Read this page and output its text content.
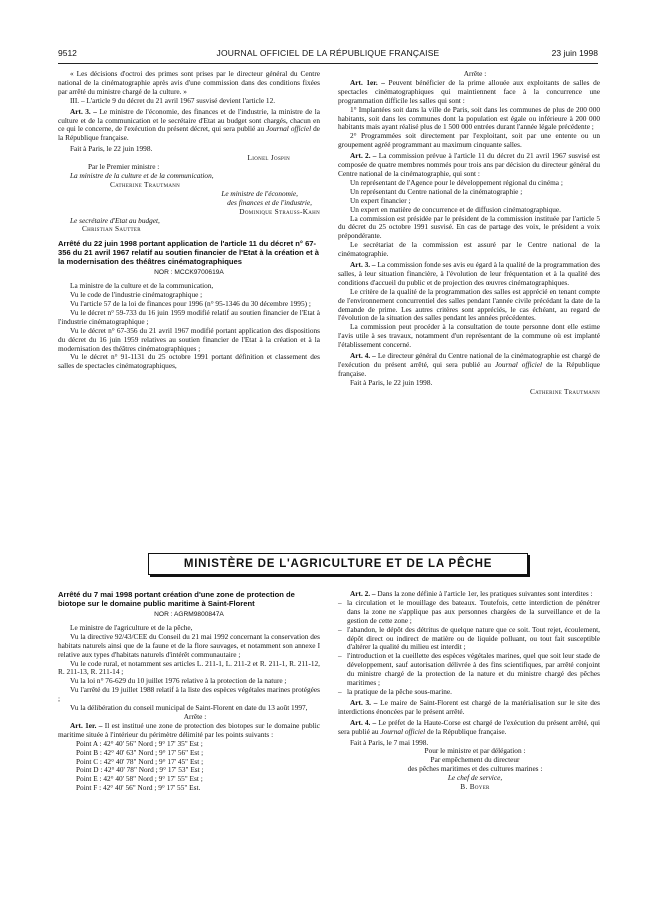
9512	JOURNAL OFFICIEL DE LA RÉPUBLIQUE FRANÇAISE	23 juin 1998

« Les décisions d'octroi des primes sont prises par le directeur général du Centre national de la cinématographie après avis d'une commission dans des conditions fixées par arrêté du ministre chargé de la culture. »

III. – L'article 9 du décret du 21 avril 1967 susvisé devient l'article 12.

Art. 3. – Le ministre de l'économie, des finances et de l'industrie, la ministre de la culture et de la communication et le secrétaire d'Etat au budget sont chargés, chacun en ce qui le concerne, de l'exécution du présent décret, qui sera publié au Journal officiel de la République française.

Fait à Paris, le 22 juin 1998.

Lionel Jospin

Par le Premier ministre :

La ministre de la culture et de la communication,

Catherine Trautmann

Le ministre de l'économie,

des finances et de l'industrie,

Dominique Strauss-Kahn

Le secrétaire d'Etat au budget,

Christian Sautter

Arrêté du 22 juin 1998 portant application de l'article 11 du décret n° 67-356 du 21 avril 1967 relatif au soutien financier de l'Etat à la création et à la modernisation des théâtres cinématographiques
NOR : MCCK9700619A

La ministre de la culture et de la communication,

Vu le code de l'industrie cinématographique ;

Vu l'article 57 de la loi de finances pour 1996 (n° 95-1346 du 30 décembre 1995) ;

Vu le décret n° 59-733 du 16 juin 1959 modifié relatif au soutien financier de l'Etat à l'industrie cinématographique ;

Vu le décret n° 67-356 du 21 avril 1967 modifié portant application des dispositions du décret du 16 juin 1959 relatives au soutien financier de l'Etat à la création et à la modernisation des théâtres cinématographiques ;

Vu le décret n° 91-1131 du 25 octobre 1991 portant définition et classement des salles de spectacles cinématographiques,

Arrête :

Art. 1er. – Peuvent bénéficier de la prime allouée aux exploitants de salles de spectacles cinématographiques qui maintiennent face à la concurrence une programmation difficile les salles qui sont :

1° Implantées soit dans la ville de Paris, soit dans les communes de plus de 200 000 habitants, soit dans les communes dont la population est égale ou inférieure à 200 000 habitants mais ayant réalisé plus de 1 500 000 entrées durant l'année légale précédente ;

2° Programmées soit directement par l'exploitant, soit par une entente ou un groupement agréé programmant au maximum cinquante salles.

Art. 2. – La commission prévue à l'article 11 du décret du 21 avril 1967 susvisé est composée de quatre membres nommés pour trois ans par décision du directeur général du Centre national de la cinématographie, qui sont :

Un représentant de l'Agence pour le développement régional du cinéma ;

Un représentant du Centre national de la cinématographie ;

Un expert financier ;

Un expert en matière de concurrence et de diffusion cinématographique.

La commission est présidée par le président de la commission instituée par l'article 5 du décret du 25 octobre 1991 susvisé. En cas de partage des voix, le président a voix prépondérante.

Le secrétariat de la commission est assuré par le Centre national de la cinématographie.

Art. 3. – La commission fonde ses avis eu égard à la qualité de la programmation des salles, à leur situation financière, à l'évolution de leur fréquentation et à la qualité des conditions d'accueil du public et de projection des œuvres cinématographiques.

Le critère de la qualité de la programmation des salles est apprécié en tenant compte de l'environnement concurrentiel des salles pendant l'année civile précédant la date de la demande de prime. Les autres critères sont appréciés, le cas échéant, au regard de l'évolution de la situation des salles pendant les années précédentes.

La commission peut procéder à la consultation de toute personne dont elle estime l'avis utile à ses travaux, notamment d'un représentant de la commune où est implanté l'établissement concerné.

Art. 4. – Le directeur général du Centre national de la cinématographie est chargé de l'exécution du présent arrêté, qui sera publié au Journal officiel de la République française.

Fait à Paris, le 22 juin 1998.

Catherine Trautmann

MINISTÈRE DE L'AGRICULTURE ET DE LA PÊCHE
Arrêté du 7 mai 1998 portant création d'une zone de protection de biotope sur le domaine public maritime à Saint-Florent
NOR : AGRM9800847A

Le ministre de l'agriculture et de la pêche,

Vu la directive 92/43/CEE du Conseil du 21 mai 1992 concernant la conservation des habitats naturels ainsi que de la faune et de la flore sauvages, et notamment son annexe I relative aux types d'habitats naturels d'intérêt communautaire ;

Vu le code rural, et notamment ses articles L. 211-1, L. 211-2 et R. 211-1, R. 211-12, R. 211-13, R. 211-14 ;

Vu la loi n° 76-629 du 10 juillet 1976 relative à la protection de la nature ;

Vu l'arrêté du 19 juillet 1988 relatif à la liste des espèces végétales marines protégées ;

Vu la délibération du conseil municipal de Saint-Florent en date du 13 août 1997,

Arrête :

Art. 1er. – Il est institué une zone de protection des biotopes sur le domaine public maritime située à l'intérieur du périmètre délimité par les points suivants :

Point A : 42° 40' 56" Nord ; 9° 17' 35" Est ;

Point B : 42° 40' 63" Nord ; 9° 17' 56" Est ;

Point C : 42° 40' 78" Nord ; 9° 17' 45" Est ;

Point D : 42° 40' 78" Nord ; 9° 17' 53" Est ;

Point E : 42° 40' 58" Nord ; 9° 17' 55" Est ;

Point F : 42° 40' 56" Nord ; 9° 17' 55" Est.

Art. 2. – Dans la zone définie à l'article 1er, les pratiques suivantes sont interdites :

– la circulation et le mouillage des bateaux. Toutefois, cette interdiction de pénétrer dans la zone ne s'applique pas aux personnes chargées de la surveillance et de la gestion de cette zone ;
– l'abandon, le dépôt des détritus de quelque nature que ce soit. Tout rejet, écoulement, dépôt direct ou indirect de matière ou de liquide polluant, ou tout fait susceptible d'altérer la qualité du milieu est interdit ;
– l'introduction et la cueillette des espèces végétales marines, quel que soit leur stade de développement, sauf autorisation délivrée à des fins scientifiques, par arrêté conjoint du ministre chargé de la protection de la nature et du ministre chargé des pêches maritimes ;
– la pratique de la pêche sous-marine.

Art. 3. – Le maire de Saint-Florent est chargé de la matérialisation sur le site des interdictions énoncées par le présent arrêté.

Art. 4. – Le préfet de la Haute-Corse est chargé de l'exécution du présent arrêté, qui sera publié au Journal officiel de la République française.

Fait à Paris, le 7 mai 1998.

Pour le ministre et par délégation :

Par empêchement du directeur

des pêches maritimes et des cultures marines :

Le chef de service,

B. Boyer
